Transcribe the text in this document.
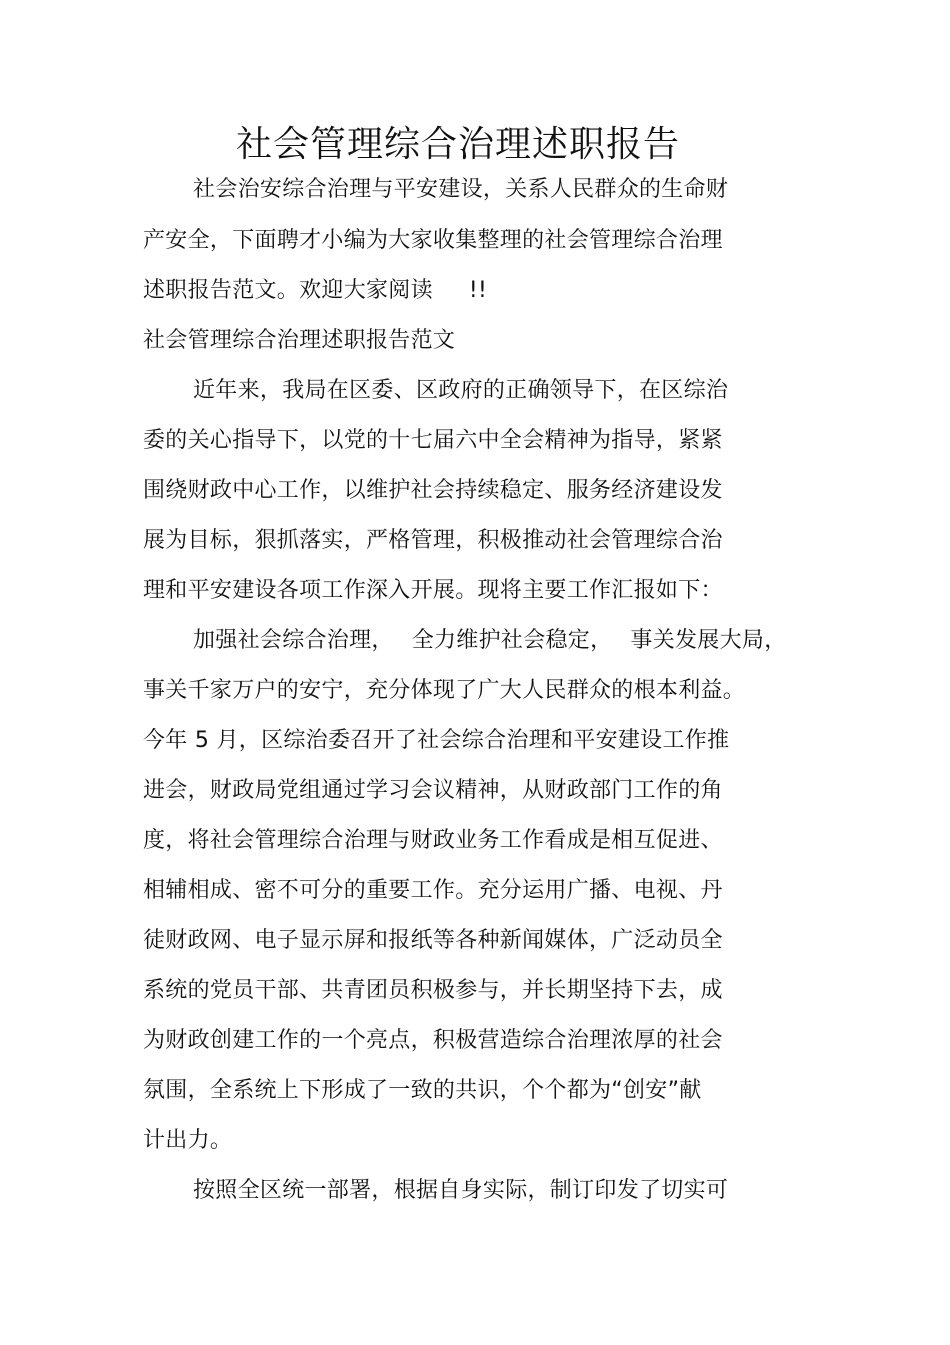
社会管理综合治理述职报告
社会治安综合治理与平安建设，关系人民群众的生命财
产安全，下面聘才小编为大家收集整理的社会管理综合治理
述职报告范文。欢迎大家阅读 !!
社会管理综合治理述职报告范文
近年来，我局在区委、区政府的正确领导下，在区综治
委的关心指导下，以党的十七届六中全会精神为指导，紧紧
围绕财政中心工作，以维护社会持续稳定、服务经济建设发
展为目标，狠抓落实，严格管理，积极推动社会管理综合治
理和平安建设各项工作深入开展。现将主要工作汇报如下：
加强社会综合治理， 全力维护社会稳定， 事关发展大局，
事关千家万户的安宁，充分体现了广大人民群众的根本利益。
今年 5 月，区综治委召开了社会综合治理和平安建设工作推
进会，财政局党组通过学习会议精神，从财政部门工作的角
度，将社会管理综合治理与财政业务工作看成是相互促进、
相辅相成、密不可分的重要工作。充分运用广播、电视、丹
徒财政网、电子显示屏和报纸等各种新闻媒体，广泛动员全
系统的党员干部、共青团员积极参与，并长期坚持下去，成
为财政创建工作的一个亮点，积极营造综合治理浓厚的社会
氛围，全系统上下形成了一致的共识，个个都为“创安”献
计出力。
按照全区统一部署，根据自身实际，制订印发了切实可
